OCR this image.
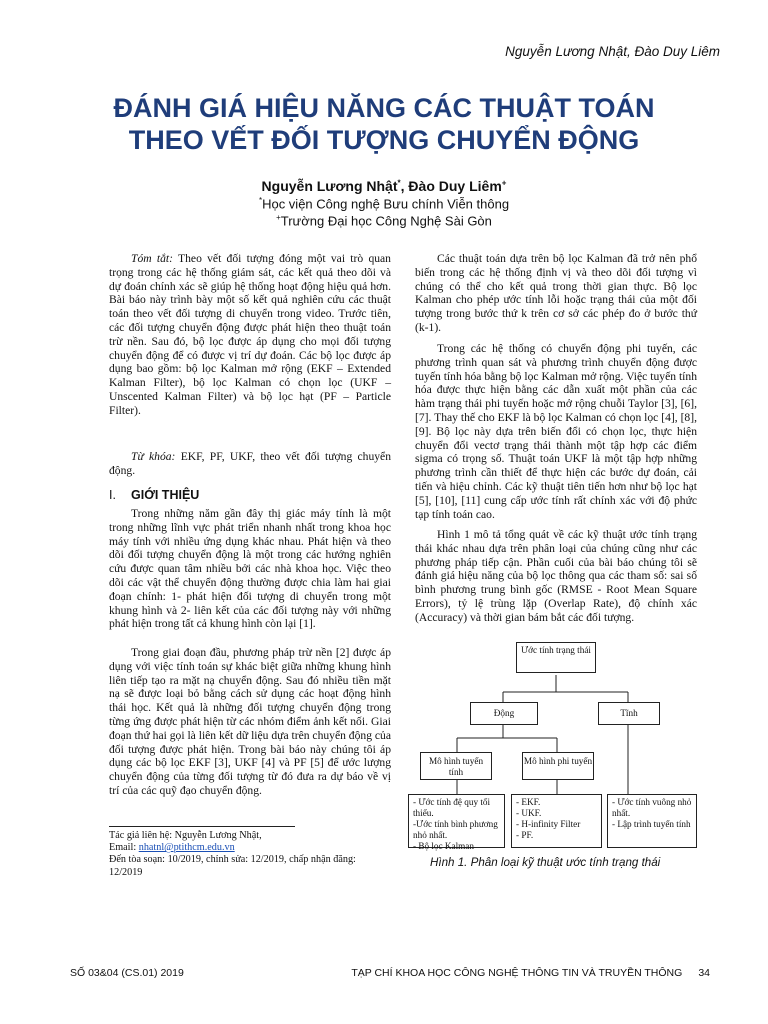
Nguyễn Lương Nhật, Đào Duy Liêm
ĐÁNH GIÁ HIỆU NĂNG CÁC THUẬT TOÁN
THEO VẾT ĐỐI TƯỢNG CHUYỂN ĐỘNG
Nguyễn Lương Nhật*, Đào Duy Liêm+
*Học viện Công nghệ Bưu chính Viễn thông
+Trường Đại học Công Nghệ Sài Gòn

Tóm tắt: Theo vết đối tượng đóng một vai trò quan trọng trong các hệ thống giám sát, các kết quả theo dõi và dự đoán chính xác sẽ giúp hệ thống hoạt động hiệu quả hơn. Bài báo này trình bày một số kết quả nghiên cứu các thuật toán theo vết đối tượng di chuyển trong video. Trước tiên, các đối tượng chuyển động được phát hiện theo thuật toán trừ nền. Sau đó, bộ lọc được áp dụng cho mọi đối tượng chuyển động để có được vị trí dự đoán. Các bộ lọc được áp dụng bao gồm: bộ lọc Kalman mở rộng (EKF – Extended Kalman Filter), bộ lọc Kalman có chọn lọc (UKF – Unscented Kalman Filter) và bộ lọc hạt (PF – Particle Filter).

Từ khóa: EKF, PF, UKF, theo vết đối tượng chuyển động.

I. GIỚI THIỆU

Trong những năm gần đây thị giác máy tính là một trong những lĩnh vực phát triển nhanh nhất trong khoa học máy tính với nhiều ứng dụng khác nhau. Phát hiện và theo dõi đối tượng chuyển động là một trong các hướng nghiên cứu được quan tâm nhiều bởi các nhà khoa học. Việc theo dõi các vật thể chuyển động thường được chia làm hai giai đoạn chính: 1- phát hiện đối tượng di chuyển trong một khung hình và 2- liên kết của các đối tượng này với những phát hiện trong tất cả khung hình còn lại [1].

Trong giai đoạn đầu, phương pháp trừ nền [2] được áp dụng với việc tính toán sự khác biệt giữa những khung hình liên tiếp tạo ra mặt nạ chuyển động. Sau đó nhiều tiền mặt nạ sẽ được loại bỏ bằng cách sử dụng các hoạt động hình thái học. Kết quả là những đối tượng chuyển động trong từng ứng được phát hiện từ các nhóm điểm ảnh kết nối. Giai đoạn thứ hai gọi là liên kết dữ liệu dựa trên chuyển động của đối tượng được phát hiện. Trong bài báo này chúng tôi áp dụng các bộ lọc EKF [3], UKF [4] và PF [5] để ước lượng chuyển động của từng đối tượng từ đó đưa ra dự báo về vị trí của các quỹ đạo chuyển động.

Tác giả liên hệ: Nguyễn Lương Nhật,
Email: nhatnl@ptithcm.edu.vn
Đến tòa soạn: 10/2019, chỉnh sửa: 12/2019, chấp nhận đăng: 12/2019

Các thuật toán dựa trên bộ lọc Kalman đã trở nên phổ biến trong các hệ thống định vị và theo dõi đối tượng vì chúng có thể cho kết quả trong thời gian thực. Bộ lọc Kalman cho phép ước tính lỗi hoặc trạng thái của một đối tượng trong bước thứ k trên cơ sở các phép đo ở bước thứ (k-1).

Trong các hệ thống có chuyển động phi tuyến, các phương trình quan sát và phương trình chuyển động được tuyến tính hóa bằng bộ lọc Kalman mở rộng. Việc tuyến tính hóa được thực hiện bằng các dẫn xuất một phần của các hàm trạng thái phi tuyến hoặc mở rộng chuỗi Taylor [3], [6], [7]. Thay thế cho EKF là bộ lọc Kalman có chọn lọc [4], [8], [9]. Bộ lọc này dựa trên biến đổi có chọn lọc, thực hiện chuyển đổi vectơ trạng thái thành một tập hợp các điểm sigma có trọng số. Thuật toán UKF là một tập hợp những phương trình cần thiết để thực hiện các bước dự đoán, cải tiến và hiệu chỉnh. Các kỹ thuật tiên tiến hơn như bộ lọc hạt [5], [10], [11] cung cấp ước tính rất chính xác với độ phức tạp tính toán cao.

Hình 1 mô tả tổng quát về các kỹ thuật ước tính trạng thái khác nhau dựa trên phân loại của chúng cũng như các phương pháp tiếp cận. Phần cuối của bài báo chúng tôi sẽ đánh giá hiệu năng của bộ lọc thông qua các tham số: sai số bình phương trung bình gốc (RMSE - Root Mean Square Errors), tỷ lệ trùng lặp (Overlap Rate), độ chính xác (Accuracy) và thời gian bám bắt các đối tượng.

Ước tính trạng thái
Động	Tĩnh
Mô hình tuyến tính
Mô hình phi tuyến
- Ước tính đệ quy tối thiểu.
-Ước tính bình phương nhỏ nhất.
- Bộ lọc Kalman
- EKF.
- UKF.
- H-infinity Filter
- PF.
- Ước tính vuông nhỏ nhất.
- Lập trình tuyến tính
Hình 1. Phân loại kỹ thuật ước tính trạng thái
SỐ 03&04 (CS.01) 2019	TẠP CHÍ KHOA HỌC CÔNG NGHỆ THÔNG TIN VÀ TRUYỀN THÔNG 34
